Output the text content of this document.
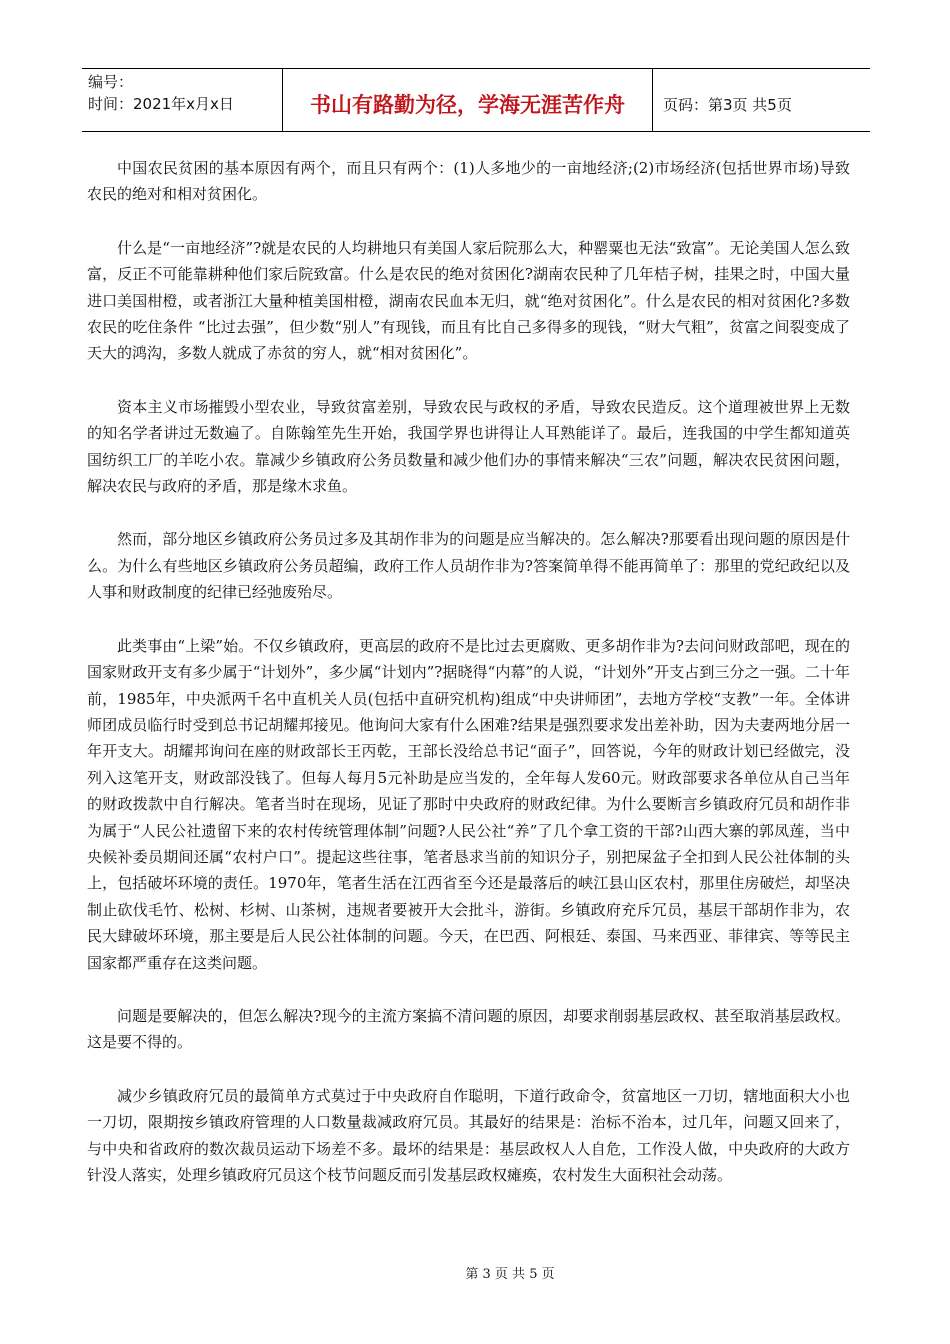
编号：
时间：2021年x月x日	书山有路勤为径，学海无涯苦作舟	页码：第3页 共5页

中国农民贫困的基本原因有两个，而且只有两个：(1)人多地少的一亩地经济;(2)市场经济(包括世界市场)导致农民的绝对和相对贫困化。

什么是“一亩地经济”?就是农民的人均耕地只有美国人家后院那么大，种罂粟也无法“致富”。无论美国人怎么致富，反正不可能靠耕种他们家后院致富。什么是农民的绝对贫困化?湖南农民种了几年桔子树，挂果之时，中国大量进口美国柑橙，或者浙江大量种植美国柑橙，湖南农民血本无归，就“绝对贫困化”。什么是农民的相对贫困化?多数农民的吃住条件 “比过去强”，但少数“别人”有现钱，而且有比自己多得多的现钱，“财大气粗”，贫富之间裂变成了天大的鸿沟，多数人就成了赤贫的穷人，就“相对贫困化”。

资本主义市场摧毁小型农业，导致贫富差别，导致农民与政权的矛盾，导致农民造反。这个道理被世界上无数的知名学者讲过无数遍了。自陈翰笙先生开始，我国学界也讲得让人耳熟能详了。最后，连我国的中学生都知道英国纺织工厂的羊吃小农。靠减少乡镇政府公务员数量和减少他们办的事情来解决“三农”问题，解决农民贫困问题，解决农民与政府的矛盾，那是缘木求鱼。

然而，部分地区乡镇政府公务员过多及其胡作非为的问题是应当解决的。怎么解决?那要看出现问题的原因是什么。为什么有些地区乡镇政府公务员超编，政府工作人员胡作非为?答案简单得不能再简单了：那里的党纪政纪以及人事和财政制度的纪律已经弛废殆尽。

此类事由“上梁”始。不仅乡镇政府，更高层的政府不是比过去更腐败、更多胡作非为?去问问财政部吧，现在的国家财政开支有多少属于“计划外”，多少属“计划内”?据晓得“内幕”的人说，“计划外”开支占到三分之一强。二十年前，1985年，中央派两千名中直机关人员(包括中直研究机构)组成“中央讲师团”，去地方学校“支教”一年。全体讲师团成员临行时受到总书记胡耀邦接见。他询问大家有什么困难?结果是强烈要求发出差补助，因为夫妻两地分居一年开支大。胡耀邦询问在座的财政部长王丙乾，王部长没给总书记“面子”，回答说，今年的财政计划已经做完，没列入这笔开支，财政部没钱了。但每人每月5元补助是应当发的，全年每人发60元。财政部要求各单位从自己当年的财政拨款中自行解决。笔者当时在现场，见证了那时中央政府的财政纪律。为什么要断言乡镇政府冗员和胡作非为属于“人民公社遗留下来的农村传统管理体制”问题?人民公社“养”了几个拿工资的干部?山西大寨的郭凤莲，当中央候补委员期间还属“农村户口”。提起这些往事，笔者恳求当前的知识分子，别把屎盆子全扣到人民公社体制的头上，包括破坏环境的责任。1970年，笔者生活在江西省至今还是最落后的峡江县山区农村，那里住房破烂，却坚决制止砍伐毛竹、松树、杉树、山茶树，违规者要被开大会批斗，游街。乡镇政府充斥冗员，基层干部胡作非为，农民大肆破坏环境，那主要是后人民公社体制的问题。今天，在巴西、阿根廷、泰国、马来西亚、菲律宾、等等民主国家都严重存在这类问题。

问题是要解决的，但怎么解决?现今的主流方案搞不清问题的原因，却要求削弱基层政权、甚至取消基层政权。这是要不得的。

减少乡镇政府冗员的最简单方式莫过于中央政府自作聪明，下道行政命令，贫富地区一刀切，辖地面积大小也一刀切，限期按乡镇政府管理的人口数量裁减政府冗员。其最好的结果是：治标不治本，过几年，问题又回来了，与中央和省政府的数次裁员运动下场差不多。最坏的结果是：基层政权人人自危，工作没人做，中央政府的大政方针没人落实，处理乡镇政府冗员这个枝节问题反而引发基层政权瘫痪，农村发生大面积社会动荡。

第 3 页 共 5 页
